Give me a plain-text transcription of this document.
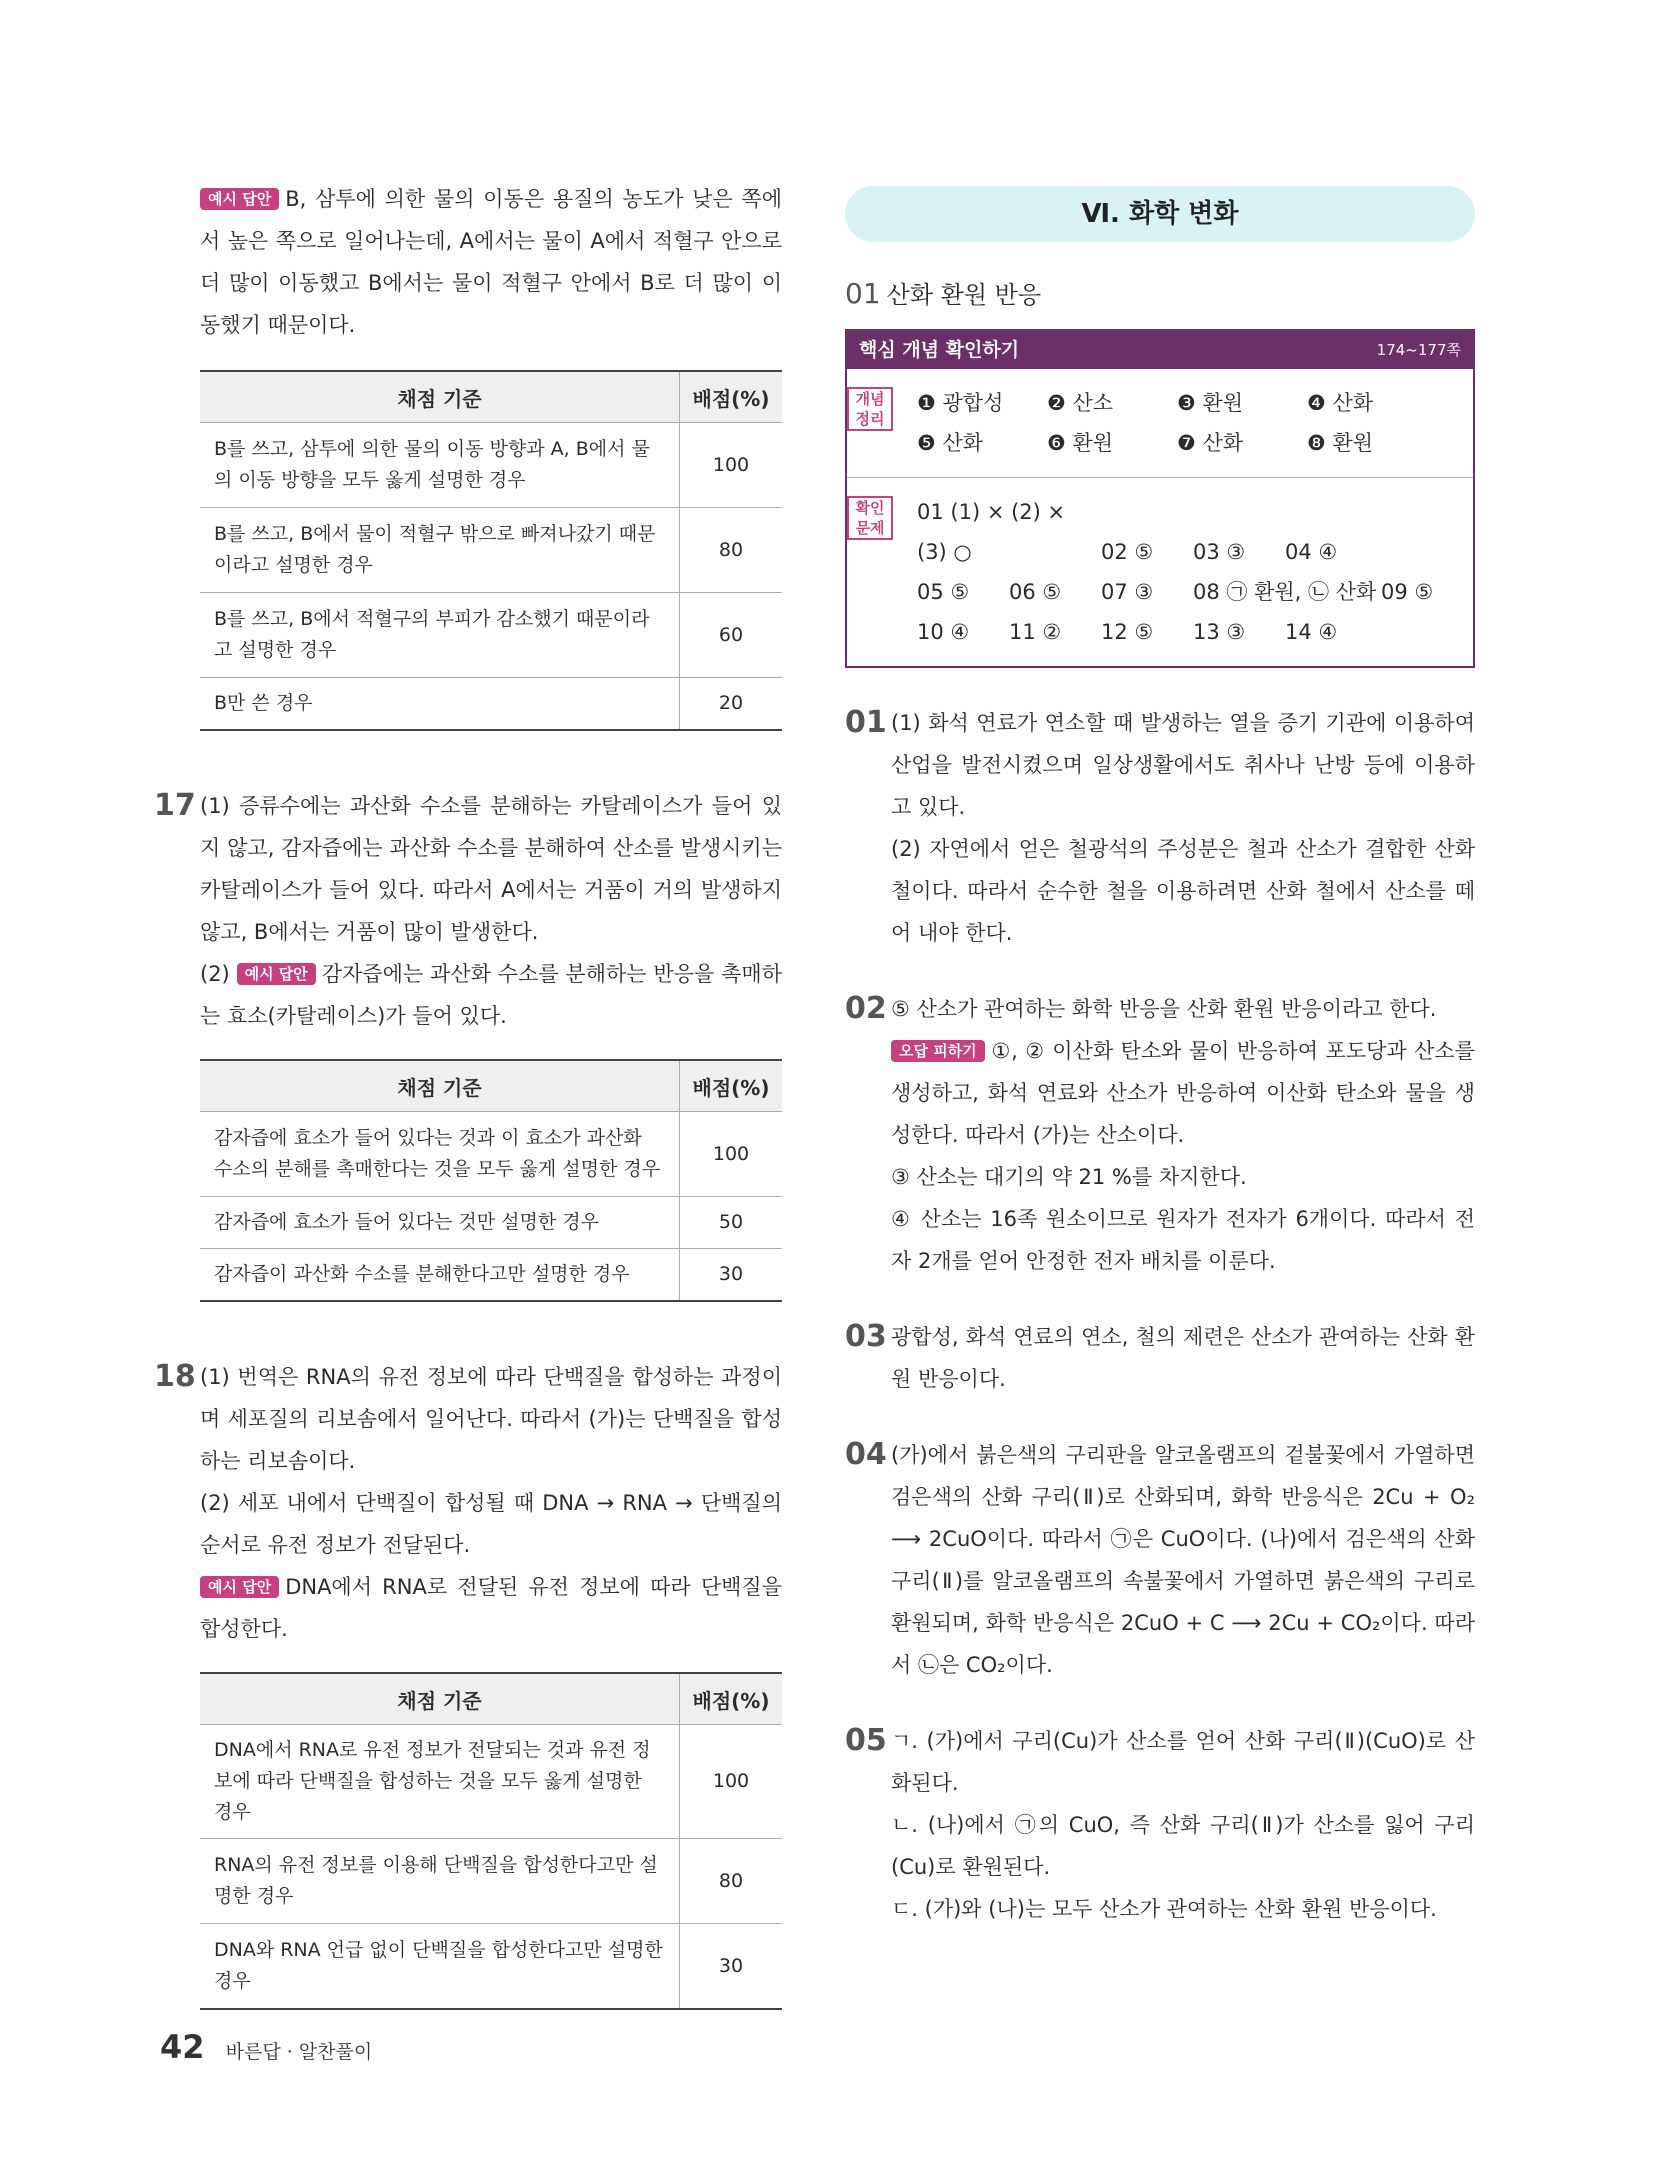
예시 답안 B, 삼투에 의한 물의 이동은 용질의 농도가 낮은 쪽에서 높은 쪽으로 일어나는데, A에서는 물이 A에서 적혈구 안으로 더 많이 이동했고 B에서는 물이 적혈구 안에서 B로 더 많이 이동했기 때문이다.

채점 기준	배점(%)
B를 쓰고, 삼투에 의한 물의 이동 방향과 A, B에서 물의 이동 방향을 모두 옳게 설명한 경우	100
B를 쓰고, B에서 물이 적혈구 밖으로 빠져나갔기 때문이라고 설명한 경우	80
B를 쓰고, B에서 적혈구의 부피가 감소했기 때문이라고 설명한 경우	60
B만 쓴 경우	20
17 (1) 증류수에는 과산화 수소를 분해하는 카탈레이스가 들어 있지 않고, 감자즙에는 과산화 수소를 분해하여 산소를 발생시키는 카탈레이스가 들어 있다. 따라서 A에서는 거품이 거의 발생하지 않고, B에서는 거품이 많이 발생한다.

(2) 예시 답안 감자즙에는 과산화 수소를 분해하는 반응을 촉매하는 효소(카탈레이스)가 들어 있다.

채점 기준	배점(%)
감자즙에 효소가 들어 있다는 것과 이 효소가 과산화 수소의 분해를 촉매한다는 것을 모두 옳게 설명한 경우	100
감자즙에 효소가 들어 있다는 것만 설명한 경우	50
감자즙이 과산화 수소를 분해한다고만 설명한 경우	30
18 (1) 번역은 RNA의 유전 정보에 따라 단백질을 합성하는 과정이며 세포질의 리보솜에서 일어난다. 따라서 (가)는 단백질을 합성하는 리보솜이다.

(2) 세포 내에서 단백질이 합성될 때 DNA → RNA → 단백질의 순서로 유전 정보가 전달된다.

예시 답안 DNA에서 RNA로 전달된 유전 정보에 따라 단백질을 합성한다.

채점 기준	배점(%)
DNA에서 RNA로 유전 정보가 전달되는 것과 유전 정보에 따라 단백질을 합성하는 것을 모두 옳게 설명한 경우	100
RNA의 유전 정보를 이용해 단백질을 합성한다고만 설명한 경우	80
DNA와 RNA 언급 없이 단백질을 합성한다고만 설명한 경우	30
Ⅵ. 화학 변화
01 산화 환원 반응
핵심 개념 확인하기	174~177쪽
개념 정리
❶ 광합성 ❷ 산소	❸ 환원	❹ 산화
❺ 산화	❻ 환원	❼ 산화	❽ 환원
확인 문제
01 (1) × (2) × (3) ○	02 ⑤ 03 ③ 04 ④
05 ⑤ 06 ⑤ 07 ③ 08 ㉠ 환원, ㉡ 산화 09 ⑤
10 ④ 11 ② 12 ⑤ 13 ③ 14 ④
01 (1) 화석 연료가 연소할 때 발생하는 열을 증기 기관에 이용하여 산업을 발전시켰으며 일상생활에서도 취사나 난방 등에 이용하고 있다.

(2) 자연에서 얻은 철광석의 주성분은 철과 산소가 결합한 산화 철이다. 따라서 순수한 철을 이용하려면 산화 철에서 산소를 떼어 내야 한다.

02 ⑤ 산소가 관여하는 화학 반응을 산화 환원 반응이라고 한다.

오답 피하기 ①, ② 이산화 탄소와 물이 반응하여 포도당과 산소를 생성하고, 화석 연료와 산소가 반응하여 이산화 탄소와 물을 생성한다. 따라서 (가)는 산소이다.

③ 산소는 대기의 약 21 %를 차지한다.

④ 산소는 16족 원소이므로 원자가 전자가 6개이다. 따라서 전자 2개를 얻어 안정한 전자 배치를 이룬다.

03 광합성, 화석 연료의 연소, 철의 제련은 산소가 관여하는 산화 환원 반응이다.

04 (가)에서 붉은색의 구리판을 알코올램프의 겉불꽃에서 가열하면 검은색의 산화 구리(Ⅱ)로 산화되며, 화학 반응식은 2Cu + O₂ ⟶ 2CuO이다. 따라서 ㉠은 CuO이다. (나)에서 검은색의 산화 구리(Ⅱ)를 알코올램프의 속불꽃에서 가열하면 붉은색의 구리로 환원되며, 화학 반응식은 2CuO + C ⟶ 2Cu + CO₂이다. 따라서 ㉡은 CO₂이다.

05 ㄱ. (가)에서 구리(Cu)가 산소를 얻어 산화 구리(Ⅱ)(CuO)로 산화된다.

ㄴ. (나)에서 ㉠의 CuO, 즉 산화 구리(Ⅱ)가 산소를 잃어 구리(Cu)로 환원된다.

ㄷ. (가)와 (나)는 모두 산소가 관여하는 산화 환원 반응이다.

42 바른답 · 알찬풀이
